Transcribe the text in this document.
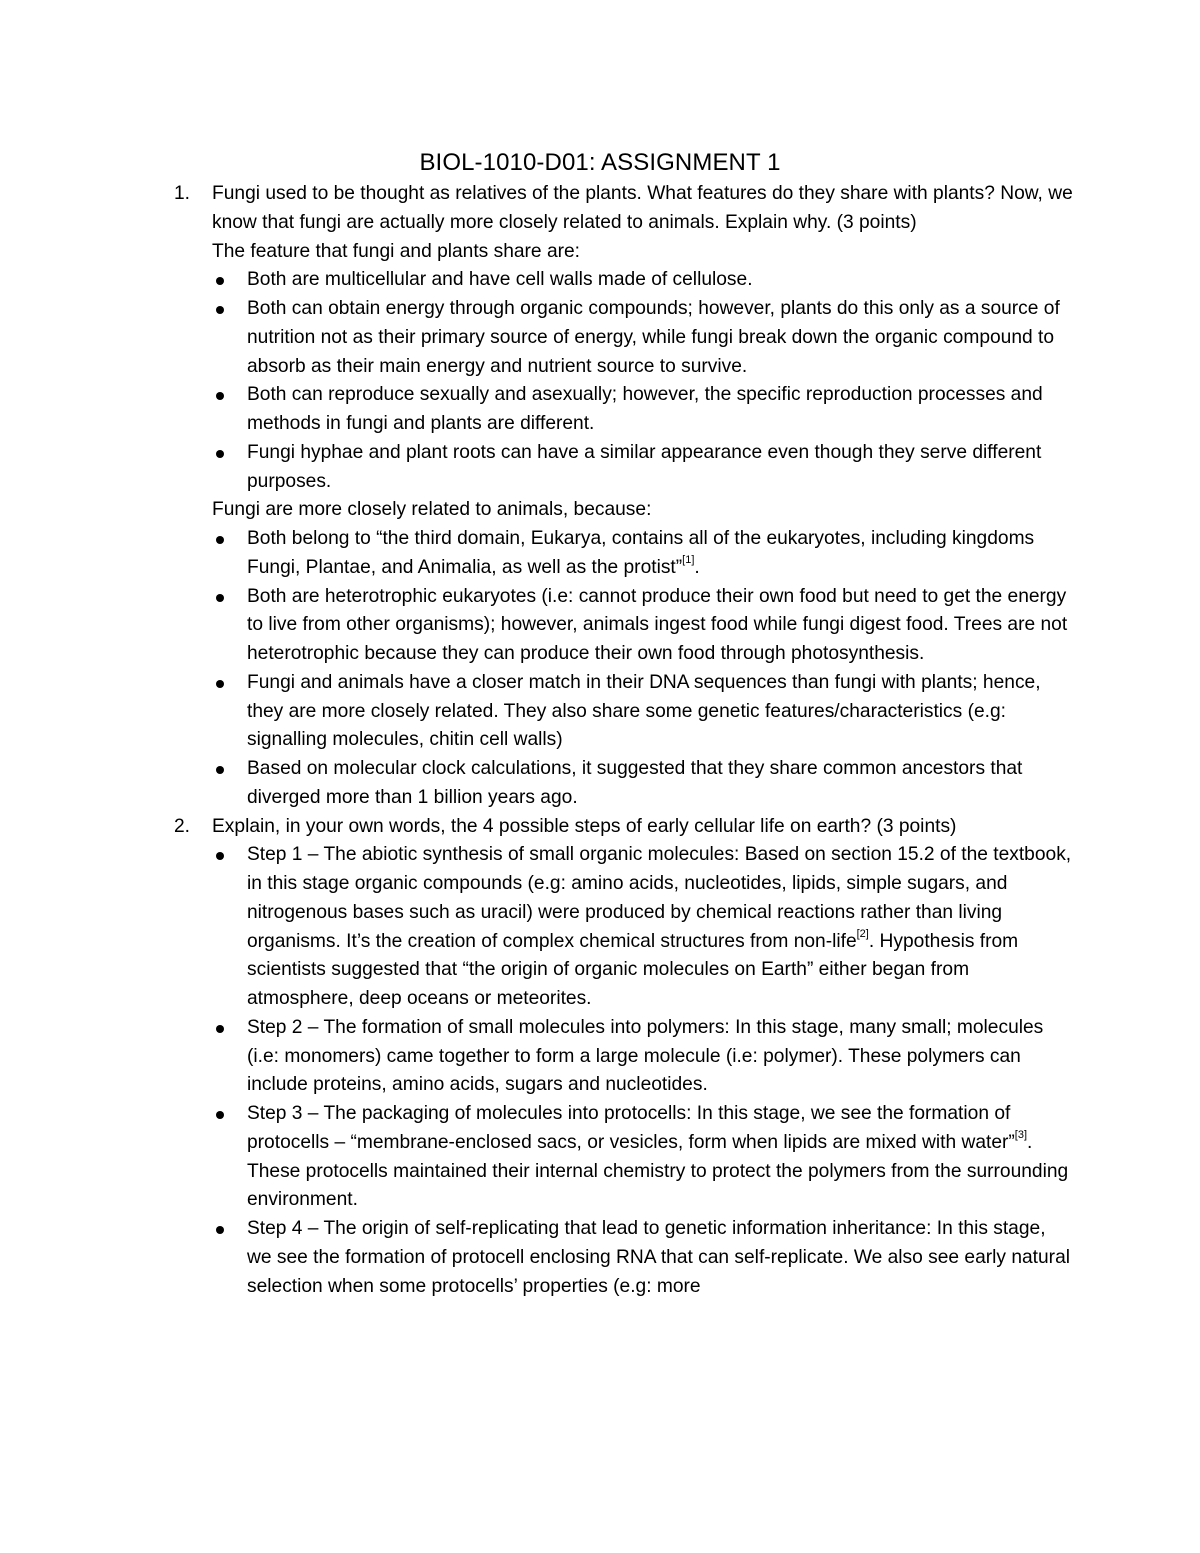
BIOL-1010-D01: ASSIGNMENT 1
1. Fungi used to be thought as relatives of the plants. What features do they share with plants? Now, we know that fungi are actually more closely related to animals. Explain why. (3 points)

The feature that fungi and plants share are:

Both are multicellular and have cell walls made of cellulose.
Both can obtain energy through organic compounds; however, plants do this only as a source of nutrition not as their primary source of energy, while fungi break down the organic compound to absorb as their main energy and nutrient source to survive.
Both can reproduce sexually and asexually; however, the specific reproduction processes and methods in fungi and plants are different.
Fungi hyphae and plant roots can have a similar appearance even though they serve different purposes.

Fungi are more closely related to animals, because:

Both belong to “the third domain, Eukarya, contains all of the eukaryotes, including kingdoms Fungi, Plantae, and Animalia, as well as the protist”[1].
Both are heterotrophic eukaryotes (i.e: cannot produce their own food but need to get the energy to live from other organisms); however, animals ingest food while fungi digest food. Trees are not heterotrophic because they can produce their own food through photosynthesis.
Fungi and animals have a closer match in their DNA sequences than fungi with plants; hence, they are more closely related. They also share some genetic features/characteristics (e.g: signalling molecules, chitin cell walls)
Based on molecular clock calculations, it suggested that they share common ancestors that diverged more than 1 billion years ago.
2. Explain, in your own words, the 4 possible steps of early cellular life on earth? (3 points)
Step 1 – The abiotic synthesis of small organic molecules: Based on section 15.2 of the textbook, in this stage organic compounds (e.g: amino acids, nucleotides, lipids, simple sugars, and nitrogenous bases such as uracil) were produced by chemical reactions rather than living organisms. It’s the creation of complex chemical structures from non-life[2]. Hypothesis from scientists suggested that “the origin of organic molecules on Earth” either began from atmosphere, deep oceans or meteorites.
Step 2 – The formation of small molecules into polymers: In this stage, many small; molecules (i.e: monomers) came together to form a large molecule (i.e: polymer). These polymers can include proteins, amino acids, sugars and nucleotides.
Step 3 – The packaging of molecules into protocells: In this stage, we see the formation of protocells – “membrane-enclosed sacs, or vesicles, form when lipids are mixed with water”[3]. These protocells maintained their internal chemistry to protect the polymers from the surrounding environment.
Step 4 – The origin of self-replicating that lead to genetic information inheritance: In this stage, we see the formation of protocell enclosing RNA that can self-replicate. We also see early natural selection when some protocells’ properties (e.g: more
